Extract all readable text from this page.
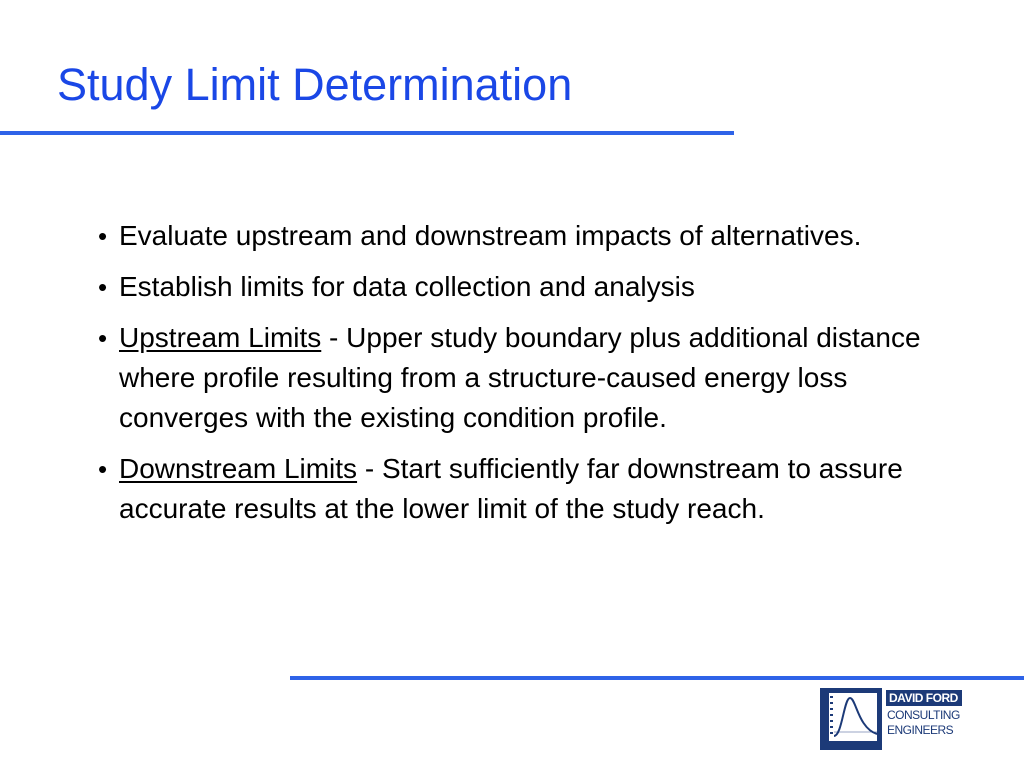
Study Limit Determination
• Evaluate upstream and downstream impacts of alternatives.
• Establish limits for data collection and analysis
• Upstream Limits - Upper study boundary plus additional distance where profile resulting from a structure-caused energy loss converges with the existing condition profile.
• Downstream Limits - Start sufficiently far downstream to assure accurate results at the lower limit of the study reach.
DAVID FORD
CONSULTING
ENGINEERS
